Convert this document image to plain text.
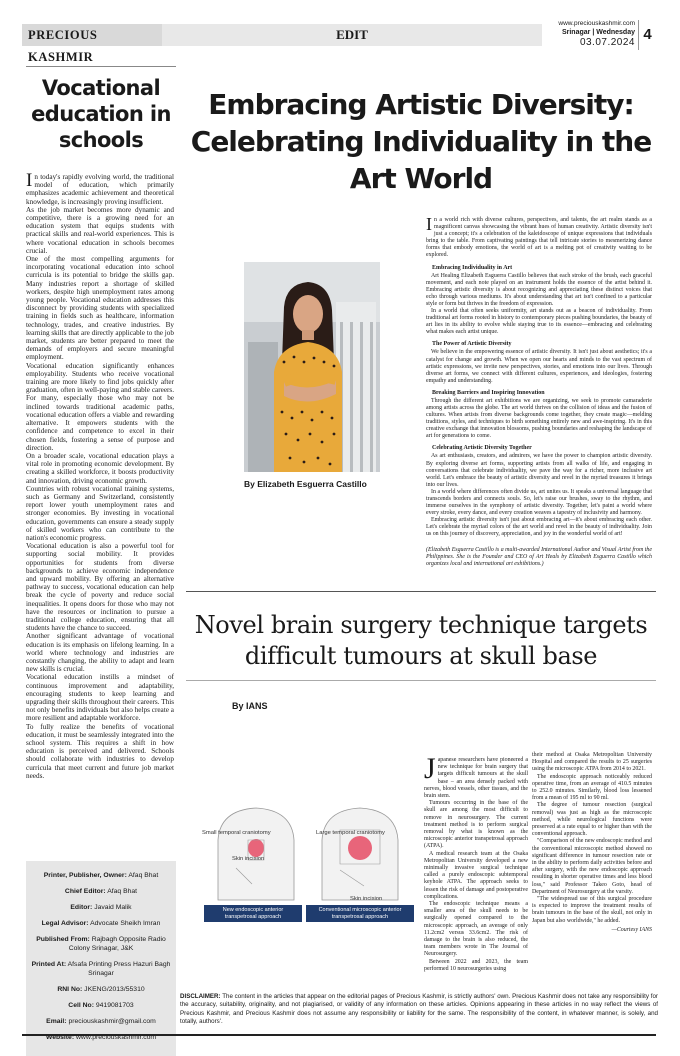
PRECIOUS KASHMIR
EDIT
www.preciouskashmir.com
Srinagar | Wednesday
03.07.2024 4
Vocational education in schools

In today's rapidly evolving world, the traditional model of education, which primarily emphasizes academic achievement and theoretical knowledge, is increasingly proving insufficient.

As the job market becomes more dynamic and competitive, there is a growing need for an education system that equips students with practical skills and real-world experiences. This is where vocational education in schools becomes crucial.

One of the most compelling arguments for incorporating vocational education into school curricula is its potential to bridge the skills gap. Many industries report a shortage of skilled workers, despite high unemployment rates among young people. Vocational education addresses this disconnect by providing students with specialized training in fields such as healthcare, information technology, trades, and creative industries. By learning skills that are directly applicable to the job market, students are better prepared to meet the demands of employers and secure meaningful employment.

Vocational education significantly enhances employability. Students who receive vocational training are more likely to find jobs quickly after graduation, often in well-paying and stable careers. For many, especially those who may not be inclined towards traditional academic paths, vocational education offers a viable and rewarding alternative. It empowers students with the confidence and competence to excel in their chosen fields, fostering a sense of purpose and direction.

On a broader scale, vocational education plays a vital role in promoting economic development. By creating a skilled workforce, it boosts productivity and innovation, driving economic growth.

Countries with robust vocational training systems, such as Germany and Switzerland, consistently report lower youth unemployment rates and stronger economies. By investing in vocational education, governments can ensure a steady supply of skilled workers who can contribute to the nation's economic progress.

Vocational education is also a powerful tool for supporting social mobility. It provides opportunities for students from diverse backgrounds to achieve economic independence and upward mobility. By offering an alternative pathway to success, vocational education can help break the cycle of poverty and reduce social inequalities. It opens doors for those who may not have the resources or inclination to pursue a traditional college education, ensuring that all students have the chance to succeed.

Another significant advantage of vocational education is its emphasis on lifelong learning. In a world where technology and industries are constantly changing, the ability to adapt and learn new skills is crucial.

Vocational education instills a mindset of continuous improvement and adaptability, encouraging students to keep learning and upgrading their skills throughout their careers. This not only benefits individuals but also helps create a more resilient and adaptable workforce.

To fully realize the benefits of vocational education, it must be seamlessly integrated into the school system. This requires a shift in how education is perceived and delivered. Schools should collaborate with industries to develop curricula that meet current and future job market needs.

Printer, Publisher, Owner: Afaq Bhat
Chief Editor: Afaq Bhat
Editor: Javaid Malik
Legal Advisor: Advocate Sheikh Imran
Published From: Rajbagh Opposite Radio Colony Srinagar, J&K
Printed At: Afsafa Printing Press Hazuri Bagh Srinagar
RNI No: JKENG/2013/55310
Cell No: 9419081703
Email: preciouskashmir@gmail.com
Website: www.preciouskashmir.com
Embracing Artistic Diversity: Celebrating Individuality in the Art World
By Elizabeth Esguerra Castillo

In a world rich with diverse cultures, perspectives, and talents, the art realm stands as a magnificent canvas showcasing the vibrant hues of human creativity. Artistic diversity isn't just a concept; it's a celebration of the kaleidoscope of unique expressions that individuals bring to the table. From captivating paintings that tell intricate stories to mesmerizing dance forms that embody emotions, the world of art is a melting pot of creativity waiting to be explored.

Embracing Individuality in Art

Art Healing Elizabeth Esguerra Castillo believes that each stroke of the brush, each graceful movement, and each note played on an instrument holds the essence of the artist behind it. Embracing artistic diversity is about recognizing and appreciating these distinct voices that echo through various mediums. It's about understanding that art isn't confined to a particular style or form but thrives in the freedom of expression.

In a world that often seeks uniformity, art stands out as a beacon of individuality. From traditional art forms rooted in history to contemporary pieces pushing boundaries, the beauty of art lies in its ability to evolve while staying true to its essence—embracing and celebrating what makes each artist unique.

The Power of Artistic Diversity

We believe in the empowering essence of artistic diversity. It isn't just about aesthetics; it's a catalyst for change and growth. When we open our hearts and minds to the vast spectrum of artistic expressions, we invite new perspectives, stories, and emotions into our lives. Through diverse art forms, we connect with different cultures, experiences, and ideologies, fostering empathy and understanding.

Breaking Barriers and Inspiring Innovation

Through the different art exhibitions we are organizing, we seek to promote camaraderie among artists across the globe. The art world thrives on the collision of ideas and the fusion of cultures. When artists from diverse backgrounds come together, they create magic—melding traditions, styles, and techniques to birth something entirely new and awe-inspiring. It's in this creative exchange that innovation blossoms, pushing boundaries and reshaping the landscape of art for generations to come.

Celebrating Artistic Diversity Together

As art enthusiasts, creators, and admirers, we have the power to champion artistic diversity. By exploring diverse art forms, supporting artists from all walks of life, and engaging in conversations that celebrate individuality, we pave the way for a richer, more inclusive art world. Let's embrace the beauty of artistic diversity and revel in the myriad treasures it brings into our lives.

In a world where differences often divide us, art unites us. It speaks a universal language that transcends borders and connects souls. So, let's raise our brushes, sway to the rhythm, and immerse ourselves in the symphony of artistic diversity. Together, let's paint a world where every stroke, every dance, and every creation weaves a tapestry of inclusivity and harmony.

Embracing artistic diversity isn't just about embracing art—it's about embracing each other. Let's celebrate the myriad colors of the art world and revel in the beauty of individuality. Join us on this journey of discovery, appreciation, and joy in the wonderful world of art!

(Elizabeth Esguerra Castillo is a multi-awarded International Author and Visual Artist from the Philippines. She is the Founder and CEO of Art Heals by Elizabeth Esguerra Castillo which organizes local and international art exhibitions.)

Novel brain surgery technique targets difficult tumours at skull base
By IANS
Small temporal craniotomy	Large temporal craniotomy
Skin incision
Skin incision
New endoscopic anterior transpetrosal approach
Conventional microscopic anterior transpetrosal approach

Japanese researchers have pioneered a new technique for brain surgery that targets difficult tumours at the skull base – an area densely packed with nerves, blood vessels, other tissues, and the brain stem.

Tumours occurring in the base of the skull are among the most difficult to remove in neurosurgery. The current treatment method is to perform surgical removal by what is known as the microscopic anterior transpetrosal approach (ATPA).

A medical research team at the Osaka Metropolitan University developed a new minimally invasive surgical technique called a purely endoscopic subtemporal keyhole ATPA. The approach seeks to lessen the risk of damage and postoperative complications.

The endoscopic technique means a smaller area of the skull needs to be surgically opened compared to the microscopic approach, an average of only 11.2cm2 versus 33.6cm2. The risk of damage to the brain is also reduced, the team members wrote in The Journal of Neurosurgery.

Between 2022 and 2023, the team performed 10 neurosurgeries using

their method at Osaka Metropolitan University Hospital and compared the results to 25 surgeries using the microscopic ATPA from 2014 to 2021.

The endoscopic approach noticeably reduced operative time, from an average of 410.5 minutes to 252.0 minutes. Similarly, blood loss lessened from a mean of 195 ml to 90 ml.

The degree of tumour resection (surgical removal) was just as high as the microscopic method, while neurological functions were preserved at a rate equal to or higher than with the conventional approach.

"Comparison of the new endoscopic method and the conventional microscopic method showed no significant difference in tumour resection rate or in the ability to perform daily activities before and after surgery, with the new endoscopic approach resulting in shorter operative times and less blood loss," said Professor Takeo Goto, head of Department of Neurosurgery at the varsity.

"The widespread use of this surgical procedure is expected to improve the treatment results of brain tumours in the base of the skull, not only in Japan but also worldwide," he added.

—Courtesy IANS
DISCLAIMER: The content in the articles that appear on the editorial pages of Precious Kashmir, is strictly authors' own. Precious Kashmir does not take any responsibility for the accuracy, suitability, originality, and not plagiarised, or validity of any information on these articles. Opinions appearing in these articles in no way reflect the views of Precious Kashmir, and Precious Kashmir does not assume any responsibility or liability for the same. The responsibility of the content, in whatever manner, is solely, and totally, authors'.
